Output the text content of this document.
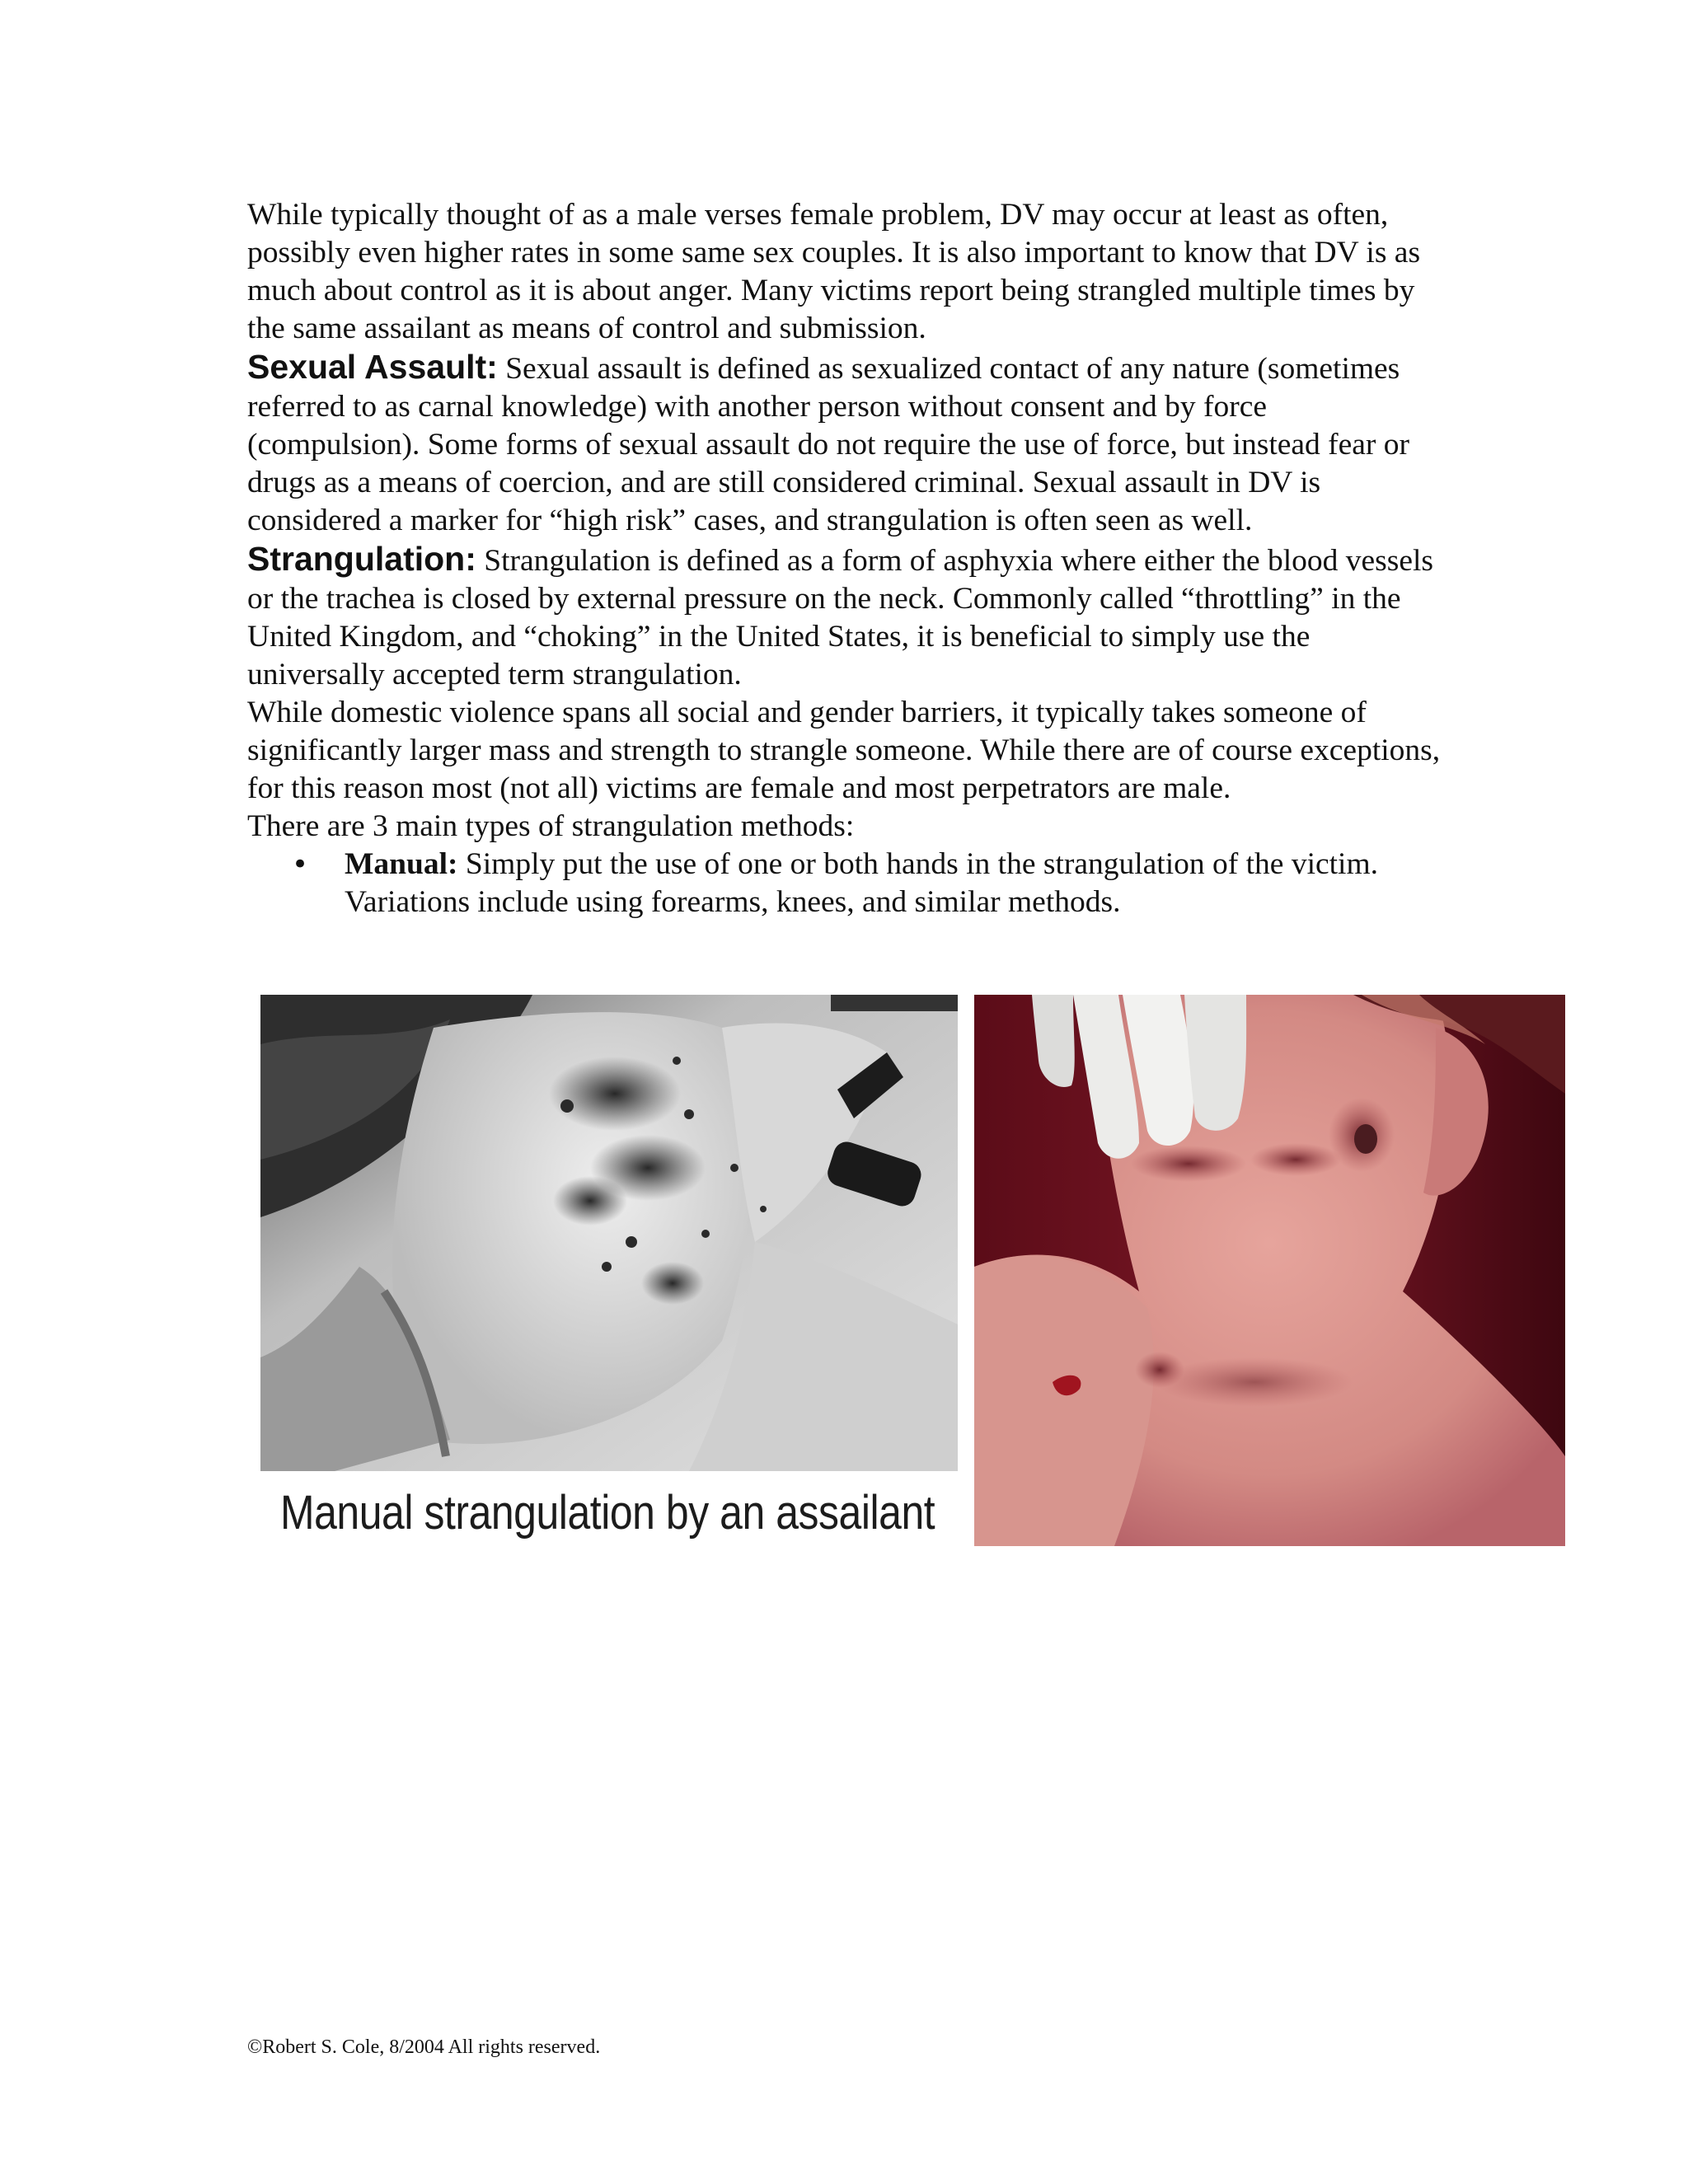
While typically thought of as a male verses female problem, DV may occur at least as often, possibly even higher rates in some same sex couples. It is also important to know that DV is as much about control as it is about anger. Many victims report being strangled multiple times by the same assailant as means of control and submission.

Sexual Assault: Sexual assault is defined as sexualized contact of any nature (sometimes referred to as carnal knowledge) with another person without consent and by force (compulsion). Some forms of sexual assault do not require the use of force, but instead fear or drugs as a means of coercion, and are still considered criminal. Sexual assault in DV is considered a marker for “high risk” cases, and strangulation is often seen as well.

Strangulation: Strangulation is defined as a form of asphyxia where either the blood vessels or the trachea is closed by external pressure on the neck. Commonly called “throttling” in the United Kingdom, and “choking” in the United States, it is beneficial to simply use the universally accepted term strangulation.

While domestic violence spans all social and gender barriers, it typically takes someone of significantly larger mass and strength to strangle someone. While there are of course exceptions, for this reason most (not all) victims are female and most perpetrators are male.

There are 3 main types of strangulation methods:

• Manual: Simply put the use of one or both hands in the strangulation of the victim. Variations include using forearms, knees, and similar methods.
Manual strangulation by an assailant
©Robert S. Cole, 8/2004 All rights reserved.
